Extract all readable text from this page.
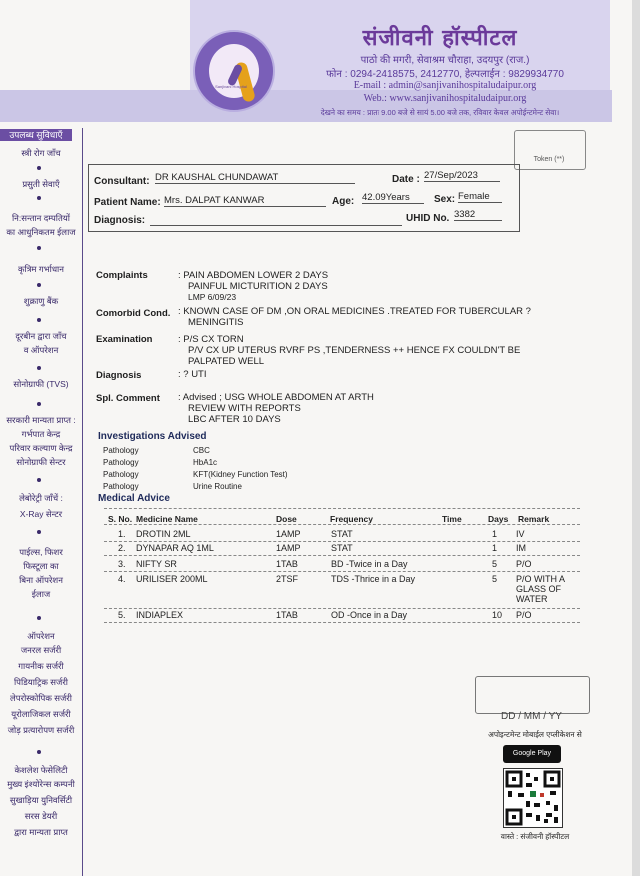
Sanjivani Hospital
संजीवनी हॉस्पीटल
पाठो की मगरी, सेवाश्रम चौराहा, उदयपुर (राज.)
फोन : 0294-2418575, 2412770, हेल्पलाईन : 9829934770
E-mail : admin@sanjivanihospitaludaipur.org
Web.: www.sanjivanihospitaludaipur.org
देखने का समय : प्रातः 9.00 बजे से सायं 5.00 बजे तक, रविवार केवल अपोईन्टमेन्ट सेवा।
उपलब्ध सुविधाएँ
स्त्री रोग जाँच
प्रसुती सेवाएँ
नि:सन्तान दम्पतियों
का आधुनिकतम ईलाज
कृत्रिम गर्भाधान
शुक्राणु बैंक
दूरबीन द्वारा जाँच
व ऑपरेशन
सोनोग्राफी (TVS)
सरकारी मान्यता प्राप्त :
गर्भपात केन्द्र
परिवार कल्याण केन्द्र
सोनोग्राफी सेन्टर
लेबोरेट्री जाँचें :
X-Ray सेन्टर
पाईल्स, फिशर
फिस्टूला का
बिना ऑपरेशन
ईलाज
ऑपरेशन
जनरल सर्जरी
गायनीक सर्जरी
पिडियाट्रिक सर्जरी
लेपरोस्कोपिक सर्जरी
यूरोलाजिकल सर्जरी
जोड़ प्रत्यारोपण सर्जरी
केशलेश फेसेलिटी
मुख्य इंश्योरेन्स कम्पनी
सुखाड़िया युनिवर्सिटी
सरस डेयरी
द्वारा मान्यता प्राप्त
Token (**)
Consultant: DR KAUSHAL CHUNDAWAT	Date : 27/Sep/2023
Patient Name: Mrs. DALPAT KANWAR	Age: 42.09Years	Sex: Female
Diagnosis:	UHID No. 3382
Complaints	: PAIN ABDOMEN LOWER 2 DAYS
PAINFUL MICTURITION 2 DAYS
LMP 6/09/23
Comorbid Cond. : KNOWN CASE OF DM ,ON ORAL MEDICINES .TREATED FOR TUBERCULAR ?
MENINGITIS
Examination	: P/S CX TORN
P/V CX UP UTERUS RVRF PS ,TENDERNESS ++ HENCE FX COULDN'T BE
PALPATED WELL
Diagnosis	: ? UTI
Spl. Comment : Advised ; USG WHOLE ABDOMEN AT ARTH
REVIEW WITH REPORTS
LBC AFTER 10 DAYS
Investigations Advised
Pathology	CBC
Pathology	HbA1c
Pathology	KFT(Kidney Function Test)
Pathology	Urine Routine
Medical Advice
S. No. Medicine Name	Dose	Frequency	Time	Days Remark
1. DROTIN 2ML	1AMP	STAT	1 IV
2. DYNAPAR AQ 1ML	1AMP	STAT	1 IM
3. NIFTY SR	1TAB	BD -Twice in a Day	5 P/O
4. URILISER 200ML	2TSF	TDS -Thrice in a Day	5 P/O WITH A
GLASS OF
WATER
5. INDIAPLEX	1TAB	OD -Once in a Day	10 P/O
DD / MM / YY
अपोइन्टमेन्ट मोबाईल एप्लीकेशन से
Google Play
वास्ते : संजीवनी हॉस्पीटल
